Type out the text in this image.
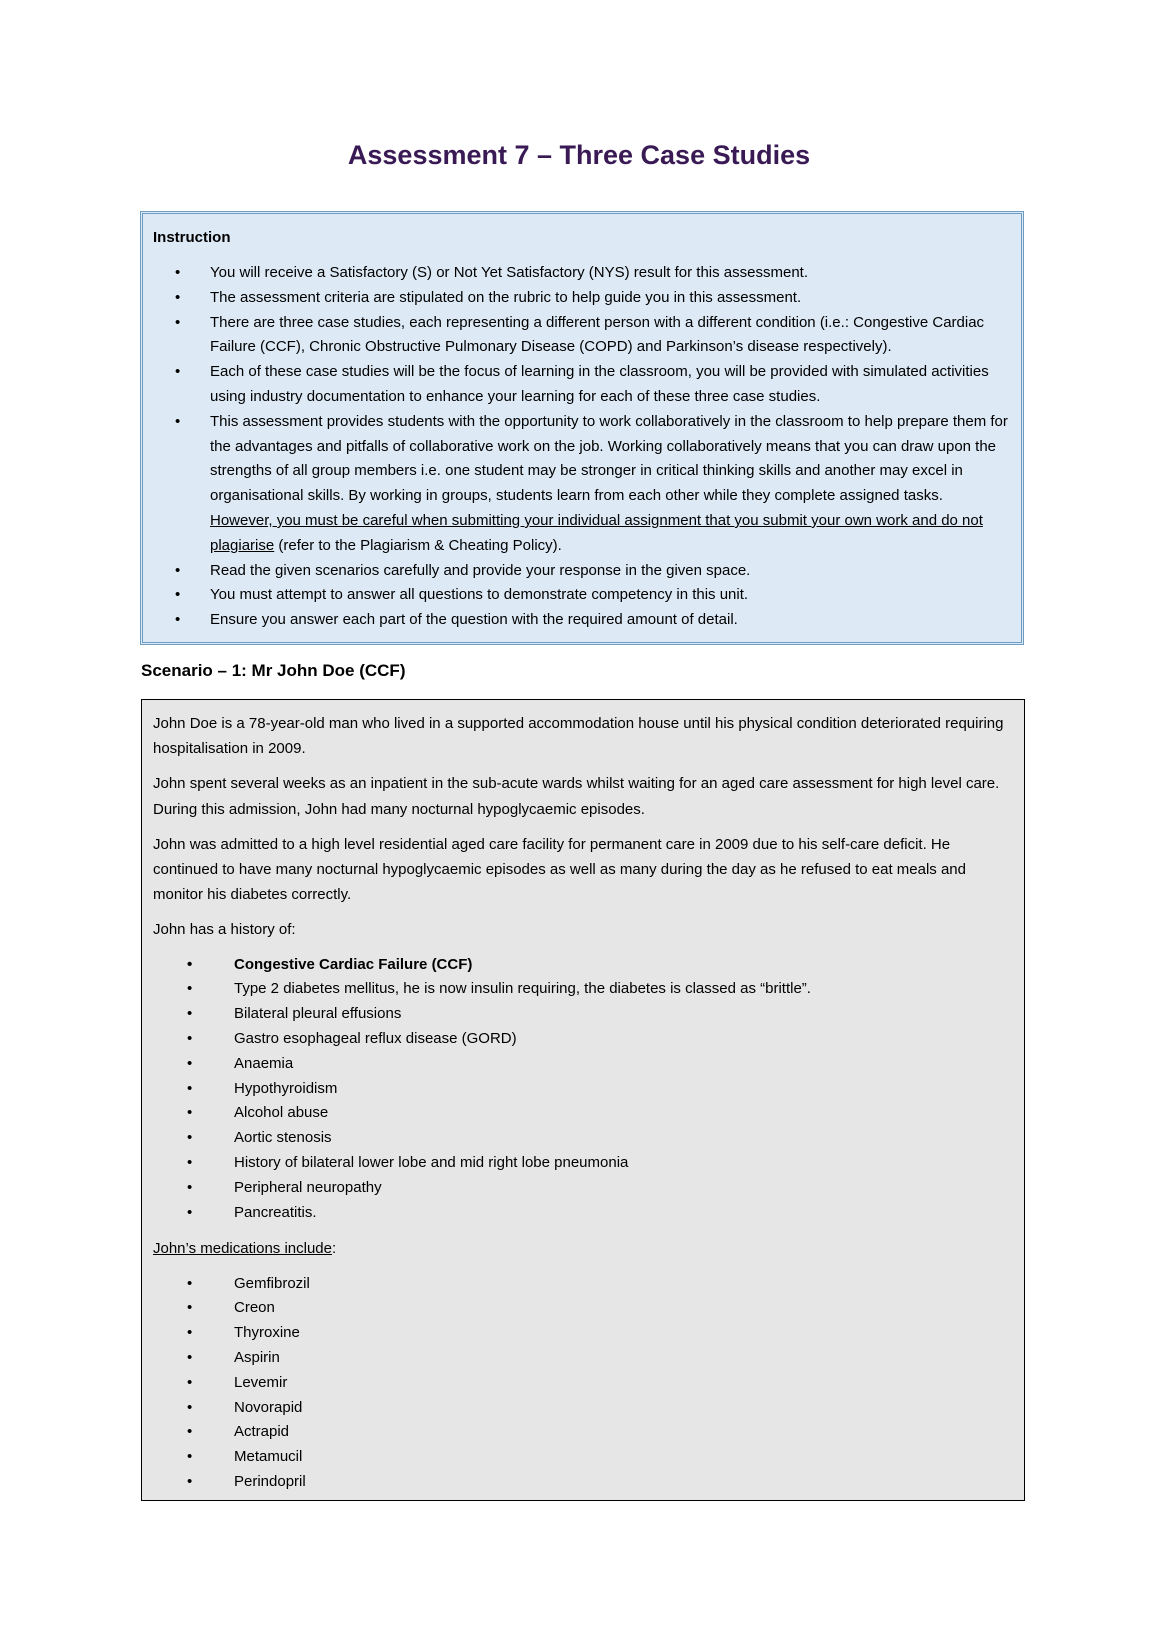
Assessment 7 – Three Case Studies
Instruction
• You will receive a Satisfactory (S) or Not Yet Satisfactory (NYS) result for this assessment.
• The assessment criteria are stipulated on the rubric to help guide you in this assessment.
• There are three case studies, each representing a different person with a different condition (i.e.: Congestive Cardiac Failure (CCF), Chronic Obstructive Pulmonary Disease (COPD) and Parkinson’s disease respectively).
• Each of these case studies will be the focus of learning in the classroom, you will be provided with simulated activities using industry documentation to enhance your learning for each of these three case studies.
• This assessment provides students with the opportunity to work collaboratively in the classroom to help prepare them for the advantages and pitfalls of collaborative work on the job. Working collaboratively means that you can draw upon the strengths of all group members i.e. one student may be stronger in critical thinking skills and another may excel in organisational skills. By working in groups, students learn from each other while they complete assigned tasks. However, you must be careful when submitting your individual assignment that you submit your own work and do not plagiarise (refer to the Plagiarism & Cheating Policy).
• Read the given scenarios carefully and provide your response in the given space.
• You must attempt to answer all questions to demonstrate competency in this unit.
• Ensure you answer each part of the question with the required amount of detail.
Scenario – 1: Mr John Doe (CCF)

John Doe is a 78-year-old man who lived in a supported accommodation house until his physical condition deteriorated requiring hospitalisation in 2009.

John spent several weeks as an inpatient in the sub-acute wards whilst waiting for an aged care assessment for high level care. During this admission, John had many nocturnal hypoglycaemic episodes.

John was admitted to a high level residential aged care facility for permanent care in 2009 due to his self-care deficit. He continued to have many nocturnal hypoglycaemic episodes as well as many during the day as he refused to eat meals and monitor his diabetes correctly.

John has a history of:

• Congestive Cardiac Failure (CCF)
• Type 2 diabetes mellitus, he is now insulin requiring, the diabetes is classed as “brittle”.
• Bilateral pleural effusions
• Gastro esophageal reflux disease (GORD)
• Anaemia
• Hypothyroidism
• Alcohol abuse
• Aortic stenosis
• History of bilateral lower lobe and mid right lobe pneumonia
• Peripheral neuropathy
• Pancreatitis.

John’s medications include:

• Gemfibrozil
• Creon
• Thyroxine
• Aspirin
• Levemir
• Novorapid
• Actrapid
• Metamucil
• Perindopril
